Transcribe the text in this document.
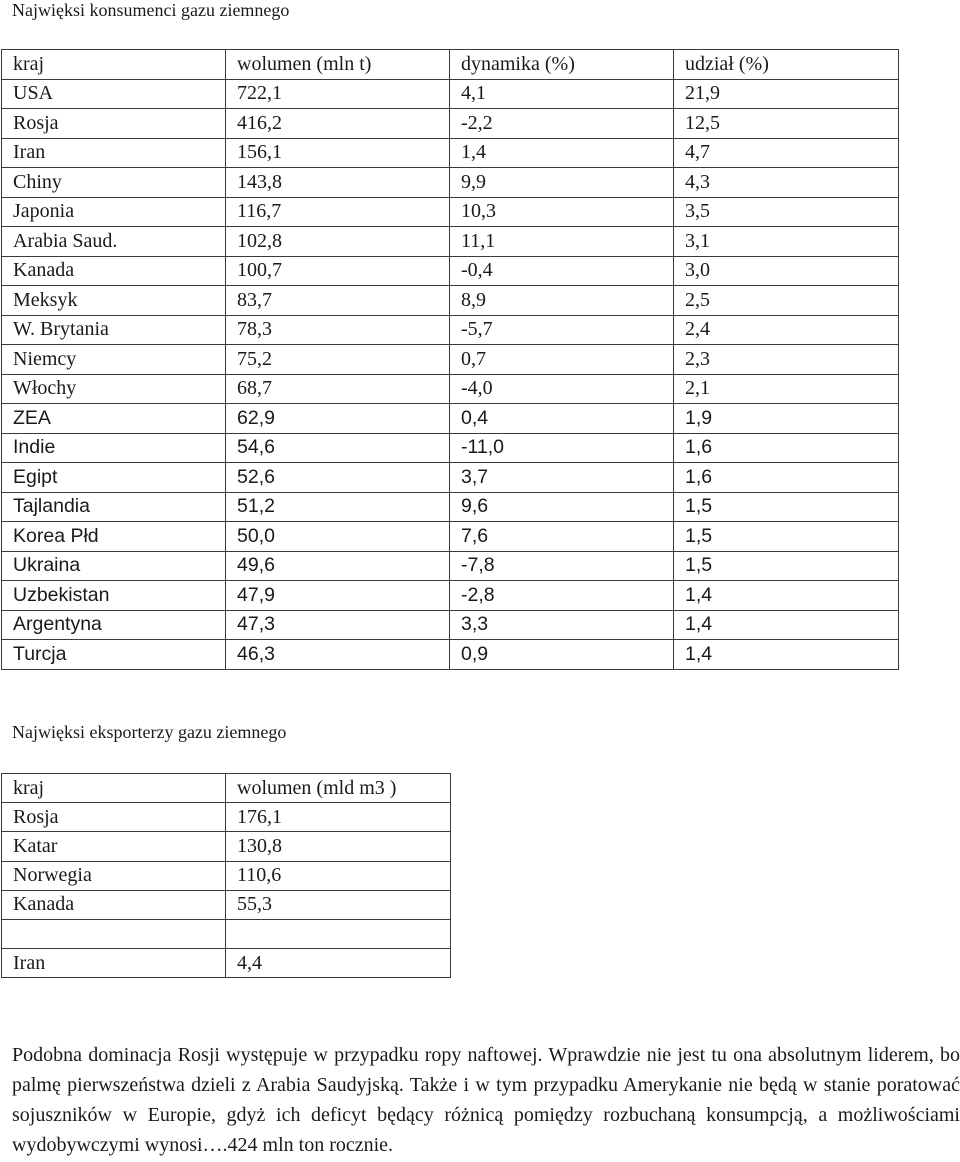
Najwięksi konsumenci gazu ziemnego
kraj	wolumen (mln t)	dynamika (%)	udział (%)
USA	722,1	4,1	21,9
Rosja	416,2	-2,2	12,5
Iran	156,1	1,4	4,7
Chiny	143,8	9,9	4,3
Japonia	116,7	10,3	3,5
Arabia Saud.	102,8	11,1	3,1
Kanada	100,7	-0,4	3,0
Meksyk	83,7	8,9	2,5
W. Brytania	78,3	-5,7	2,4
Niemcy	75,2	0,7	2,3
Włochy	68,7	-4,0	2,1
ZEA	62,9	0,4	1,9
Indie	54,6	-11,0	1,6
Egipt	52,6	3,7	1,6
Tajlandia	51,2	9,6	1,5
Korea Płd	50,0	7,6	1,5
Ukraina	49,6	-7,8	1,5
Uzbekistan	47,9	-2,8	1,4
Argentyna	47,3	3,3	1,4
Turcja	46,3	0,9	1,4
Najwięksi eksporterzy gazu ziemnego
kraj	wolumen (mld m3 )
Rosja	176,1
Katar	130,8
Norwegia	110,6
Kanada	55,3

Iran	4,4

Podobna dominacja Rosji występuje w przypadku ropy naftowej. Wprawdzie nie jest tu ona absolutnym liderem, bo palmę pierwszeństwa dzieli z Arabia Saudyjską. Także i w tym przypadku Amerykanie nie będą w stanie poratować sojuszników w Europie, gdyż ich deficyt będący różnicą pomiędzy rozbuchaną konsumpcją, a możliwościami wydobywczymi wynosi….424 mln ton rocznie.
